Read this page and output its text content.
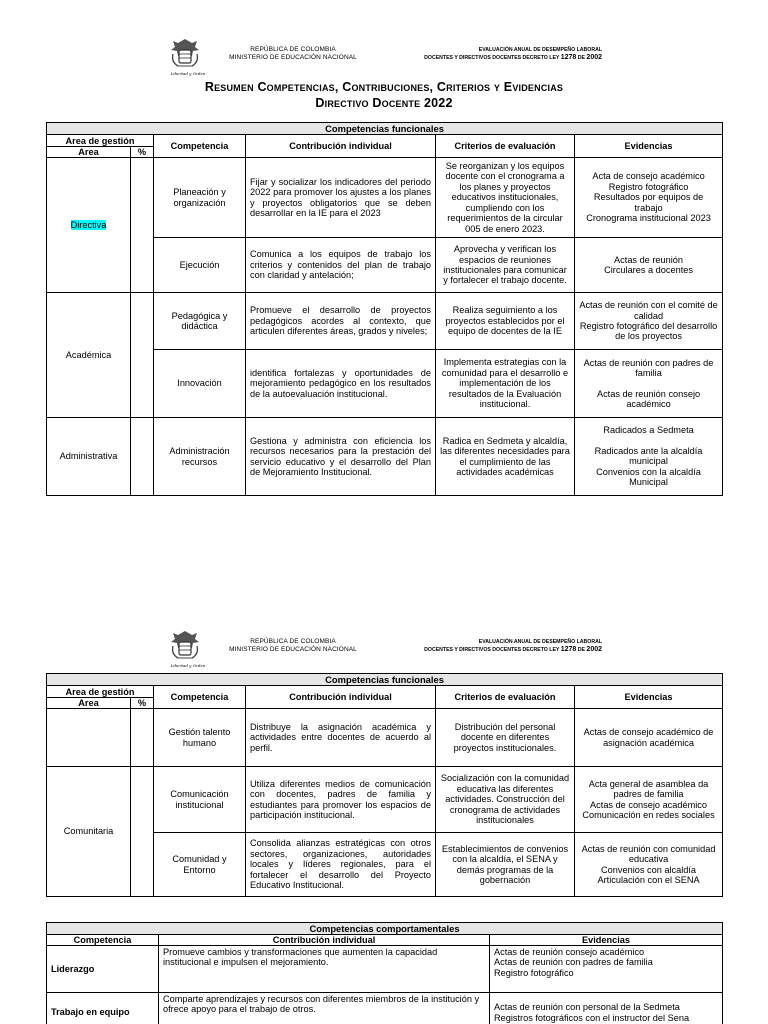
Libertad y Orden
REPÚBLICA DE COLOMBIA
MINISTERIO DE EDUCACIÓN NACIONAL
EVALUACIÓN ANUAL DE DESEMPEÑO LABORAL
DOCENTES Y DIRECTIVOS DOCENTES DECRETO LEY 1278 DE 2002
Resumen Competencias, Contribuciones, Criterios y Evidencias
Directivo Docente 2022
Competencias funcionales					
Area de gestión		Competencia	Contribución individual	Criterios de evaluación	Evidencias
Area	%				
Directiva		Planeación y organización	Fijar y socializar los indicadores del periodo 2022 para promover los ajustes a los planes y proyectos obligatorios que se deben desarrollar en la IE para el 2023	Se reorganizan y los equipos docente con el cronograma a los planes y proyectos educativos institucionales, cumpliendo con los requerimientos de la circular 005 de enero 2023.	Acta de consejo académico
Registro fotográfico
Resultados por equipos de trabajo
Cronograma institucional 2023

		Ejecución	Comunica a los equipos de trabajo los criterios y contenidos del plan de trabajo con claridad y antelación;	Aprovecha y verifican los espacios de reuniones institucionales para comunicar y fortalecer el trabajo docente.	Actas de reunión
Circulares a docentes

Académica		Pedagógica y didáctica	Promueve el desarrollo de proyectos pedagógicos acordes al contexto, que articulen diferentes áreas, grados y niveles;	Realiza seguimiento a los proyectos establecidos por el equipo de docentes de la IE	Actas de reunión con el comité de calidad
Registro fotográfico del desarrollo de los proyectos

		Innovación	identifica fortalezas y oportunidades de mejoramiento pedagógico en los resultados de la autoevaluación institucional.	Implementa estrategias con la comunidad para el desarrollo e implementación de los resultados de la Evaluación institucional.	Actas de reunión con padres de familia
Actas de reunión consejo académico

Administrativa		Administración recursos	Gestiona y administra con eficiencia los recursos necesarios para la prestación del servicio educativo y el desarrollo del Plan de Mejoramiento Institucional.	Radica en Sedmeta y alcaldía, las diferentes necesidades para el cumplimiento de las actividades académicas	Radicados a Sedmeta
Radicados ante la alcaldía municipal
Convenios con la alcaldía Municipal
Libertad y Orden
REPÚBLICA DE COLOMBIA
MINISTERIO DE EDUCACIÓN NACIONAL
EVALUACIÓN ANUAL DE DESEMPEÑO LABORAL
DOCENTES Y DIRECTIVOS DOCENTES DECRETO LEY 1278 DE 2002
Competencias funcionales					
Area de gestión		Competencia	Contribución individual	Criterios de evaluación	Evidencias
Area	%				
		Gestión talento humano	Distribuye la asignación académica y actividades entre docentes de acuerdo al perfil.	Distribución del personal docente en diferentes proyectos institucionales.	Actas de consejo académico de asignación académica

Comunitaria		Comunicación institucional	Utiliza diferentes medios de comunicación con docentes, padres de familia y estudiantes para promover los espacios de participación institucional.	Socialización con la comunidad educativa las diferentes actividades. Construcción del cronograma de actividades institucionales	Acta general de asamblea da padres de familia
Actas de consejo académico
Comunicación en redes sociales

		Comunidad y Entorno	Consolida alianzas estratégicas con otros sectores, organizaciones, autoridades locales y líderes regionales, para el fortalecer el desarrollo del Proyecto Educativo Institucional.	Establecimientos de convenios con la alcaldía, el SENA y demás programas de la gobernación	Actas de reunión con comunidad educativa
Convenios con alcaldía
Articulación con el SENA
Competencias comportamentales		
Competencia	Contribución individual	Evidencias
Liderazgo	Promueve cambios y transformaciones que aumenten la capacidad institucional e impulsen el mejoramiento.	Actas de reunión consejo académico
Actas de reunión con padres de familia
Registro fotográfico

Trabajo en equipo	Comparte aprendizajes y recursos con diferentes miembros de la institución y ofrece apoyo para el trabajo de otros.	Actas de reunión con personal de la Sedmeta
Registros fotográficos con el instructor del Sena
